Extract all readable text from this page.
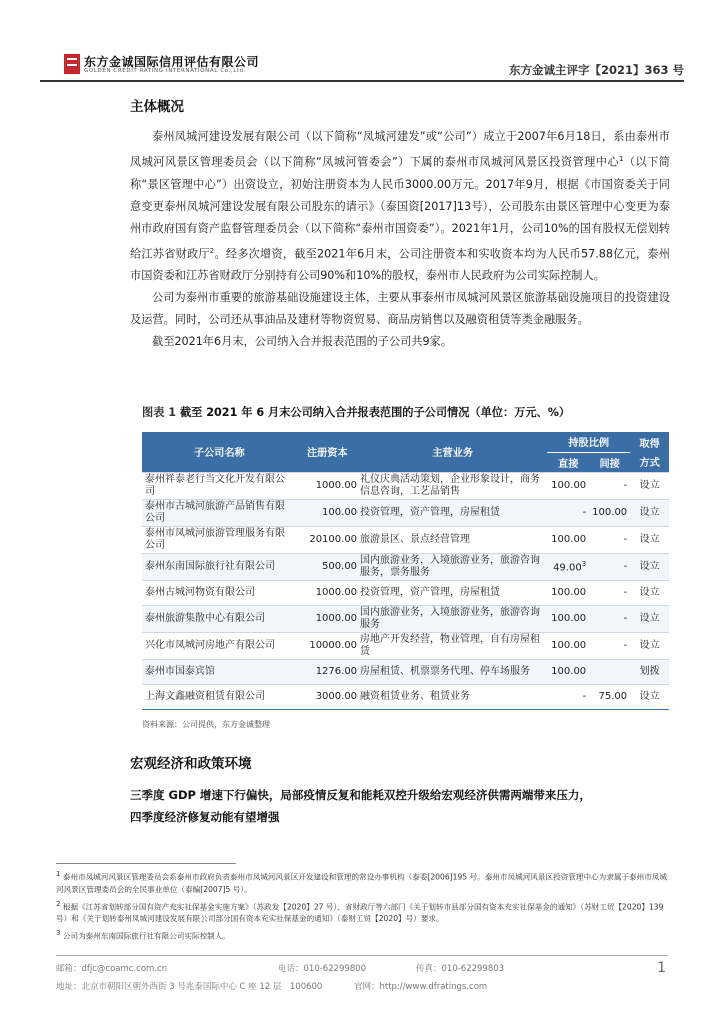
东方金诚国际信用评估有限公司
GOLDEN CREDIT RATING INTERNATIONAL Co.,Ltd.	东方金诚主评字【2021】363 号
主体概况

泰州凤城河建设发展有限公司（以下简称“凤城河建发”或“公司”）成立于2007年6月18日，系由泰州市凤城河风景区管理委员会（以下简称“凤城河管委会”）下属的泰州市凤城河风景区投资管理中心$^1$（以下简称“景区管理中心”）出资设立，初始注册资本为人民币3000.00万元。2017年9月，根据《市国资委关于同意变更泰州凤城河建设发展有限公司股东的请示》（泰国资[2017]13号），公司股东由景区管理中心变更为泰州市政府国有资产监督管理委员会（以下简称“泰州市国资委”）。2021年1月，公司10%的国有股权无偿划转给江苏省财政厅$^2$。经多次增资，截至2021年6月末，公司注册资本和实收资本均为人民币57.88亿元，泰州市国资委和江苏省财政厅分别持有公司90%和10%的股权，泰州市人民政府为公司实际控制人。

公司为泰州市重要的旅游基础设施建设主体，主要从事泰州市凤城河风景区旅游基础设施项目的投资建设及运营。同时，公司还从事油品及建材等物资贸易、商品房销售以及融资租赁等类金融服务。

截至2021年6月末，公司纳入合并报表范围的子公司共9家。

图表 1 截至 2021 年 6 月末公司纳入合并报表范围的子公司情况（单位：万元、%）
子公司名称	注册资本	主营业务	持股比例		取得
			直接	间接	方式
泰州祥泰老行当文化开发有限公司	1000.00	礼仪庆典活动策划，企业形象设计，商务信息咨询，工艺品销售	100.00	-	设立
泰州市古城河旅游产品销售有限公司	100.00	投资管理，资产管理，房屋租赁	-	100.00	设立
泰州市凤城河旅游管理服务有限公司	20100.00	旅游景区、景点经营管理	100.00	-	设立
泰州东南国际旅行社有限公司	500.00	国内旅游业务，入境旅游业务，旅游咨询服务，票务服务	49.00$^3$	-	设立
泰州古城河物资有限公司	1000.00	投资管理，资产管理，房屋租赁	100.00	-	设立
泰州旅游集散中心有限公司	1000.00	国内旅游业务，入境旅游业务，旅游咨询服务	100.00	-	设立
兴化市凤城河房地产有限公司	10000.00	房地产开发经营，物业管理，自有房屋租赁	100.00	-	设立
泰州市国泰宾馆	1276.00	房屋租赁、机票票务代理、停车场服务	100.00		划拨
上海文鑫融资租赁有限公司	3000.00	融资租赁业务、租赁业务	-	75.00	设立
资料来源：公司提供，东方金诚整理
宏观经济和政策环境
三季度 GDP 增速下行偏快，局部疫情反复和能耗双控升级给宏观经济供需两端带来压力，
四季度经济修复动能有望增强
$^1$ 泰州市凤城河风景区管理委员会系泰州市政府负责泰州市凤城河风景区开发建设和管理的常设办事机构（泰委[2006]195 号。泰州市凤城河风景区投资管理中心为隶属于泰州市凤城河风景区管理委员会的全民事业单位（泰编[2007]5 号）。
$^2$ 根据《江苏省划转部分国有资产充实社保基金实施方案》（苏政发【2020】27 号）、省财政厅等六部门《关于划转市县部分国有资本充实社保基金的通知》（苏财工贸【2020】139 号）和《关于划转泰州凤城河建设发展有限公司部分国有资本充实社保基金的通知》（泰财工贸【2020】号）要求。
$^3$ 公司为泰州东南国际旅行社有限公司实际控制人。
邮箱：dfjc@coamc.com.cn	电话：010-62299800	传真：010-62299803
地址：北京市朝阳区朝外西街 3 号兆泰国际中心 C 座 12 层　100600	官网：http://www.dfratings.com
1
